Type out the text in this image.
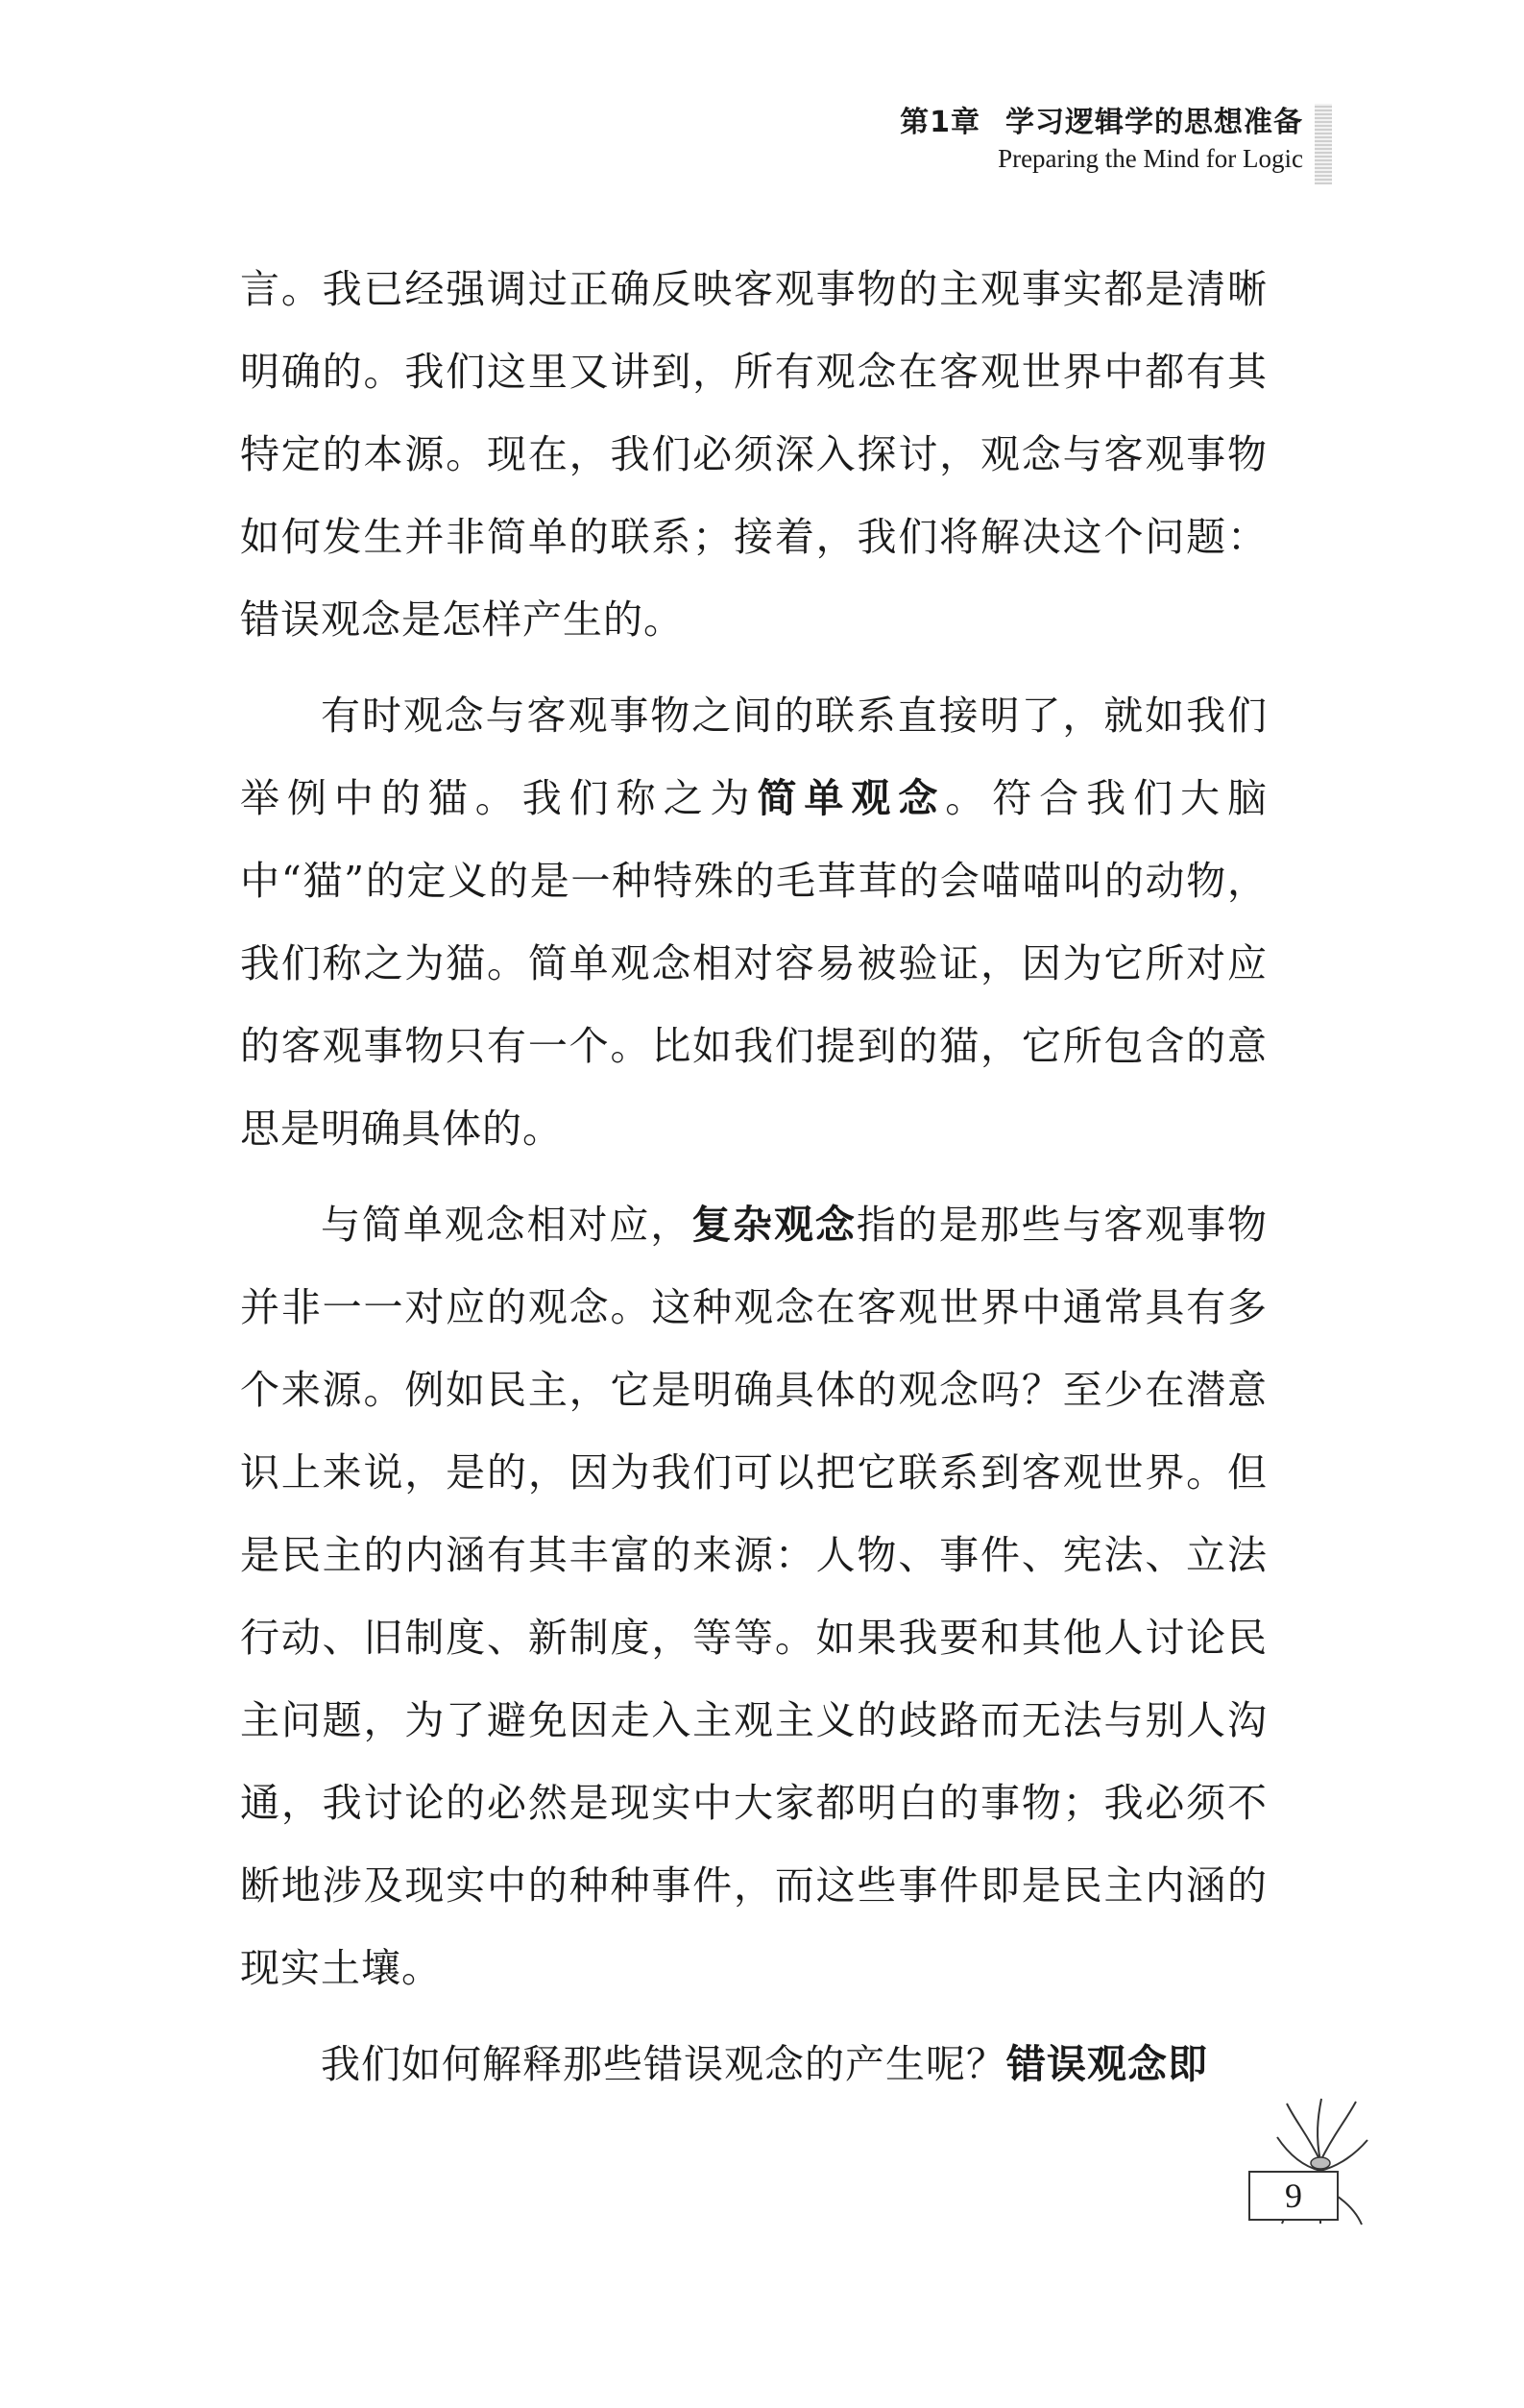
第1章 学习逻辑学的思想准备
Preparing the Mind for Logic

言。我已经强调过正确反映客观事物的主观事实都是清晰明确的。我们这里又讲到，所有观念在客观世界中都有其特定的本源。现在，我们必须深入探讨，观念与客观事物如何发生并非简单的联系；接着，我们将解决这个问题：错误观念是怎样产生的。

有时观念与客观事物之间的联系直接明了，就如我们举例中的猫。我们称之为简单观念。符合我们大脑中“猫”的定义的是一种特殊的毛茸茸的会喵喵叫的动物，我们称之为猫。简单观念相对容易被验证，因为它所对应的客观事物只有一个。比如我们提到的猫，它所包含的意思是明确具体的。

与简单观念相对应，复杂观念指的是那些与客观事物并非一一对应的观念。这种观念在客观世界中通常具有多个来源。例如民主，它是明确具体的观念吗？至少在潜意识上来说，是的，因为我们可以把它联系到客观世界。但是民主的内涵有其丰富的来源：人物、事件、宪法、立法行动、旧制度、新制度，等等。如果我要和其他人讨论民主问题，为了避免因走入主观主义的歧路而无法与别人沟通，我讨论的必然是现实中大家都明白的事物；我必须不断地涉及现实中的种种事件，而这些事件即是民主内涵的现实土壤。

我们如何解释那些错误观念的产生呢？错误观念即

9
